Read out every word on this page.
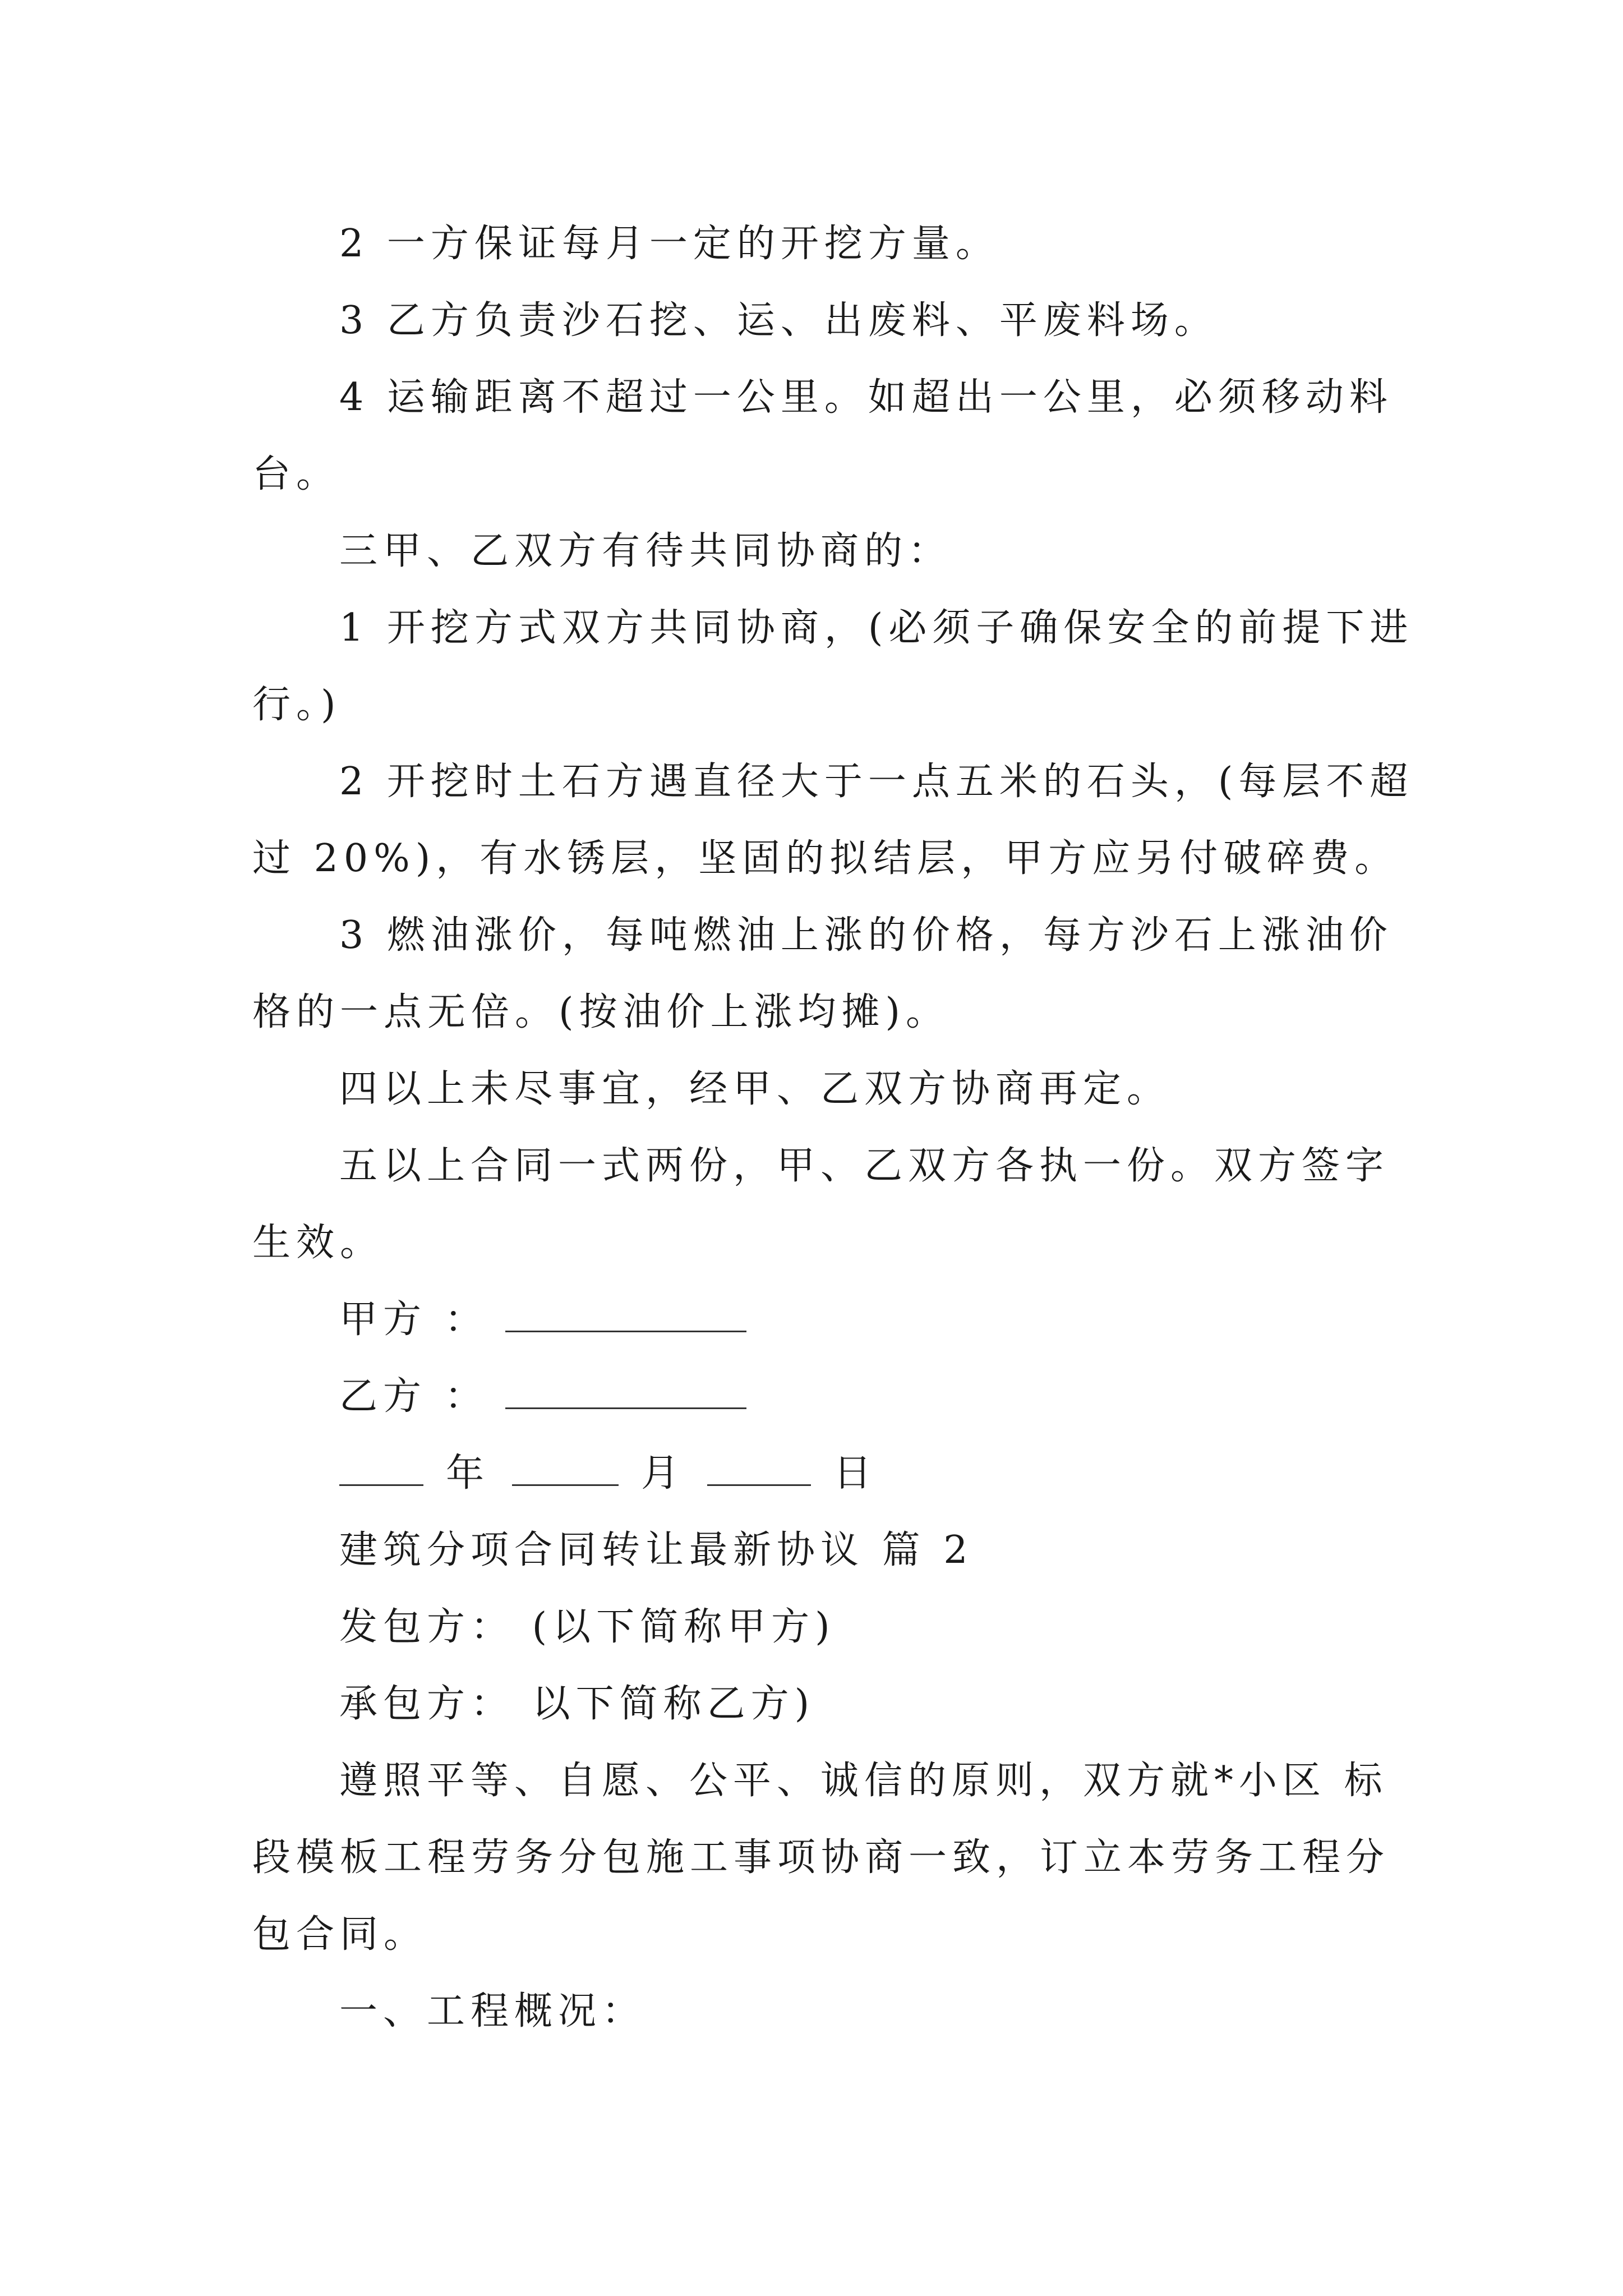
2 一方保证每月一定的开挖方量。
3 乙方负责沙石挖、运、出废料、平废料场。
4 运输距离不超过一公里。如超出一公里，必须移动料
台。
三甲、乙双方有待共同协商的：
1 开挖方式双方共同协商，(必须子确保安全的前提下进
行。)
2 开挖时土石方遇直径大于一点五米的石头，(每层不超
过 20%)，有水锈层，坚固的拟结层，甲方应另付破碎费。
3 燃油涨价，每吨燃油上涨的价格，每方沙石上涨油价
格的一点无倍。(按油价上涨均摊)。
四以上未尽事宜，经甲、乙双方协商再定。
五以上合同一式两份，甲、乙双方各执一份。双方签字
生效。
甲方 ：
乙方 ：
年	月	日
建筑分项合同转让最新协议 篇 2
发包方： (以下简称甲方)
承包方： 以下简称乙方)
遵照平等、自愿、公平、诚信的原则，双方就*小区 标
段模板工程劳务分包施工事项协商一致，订立本劳务工程分
包合同。
一、工程概况：
